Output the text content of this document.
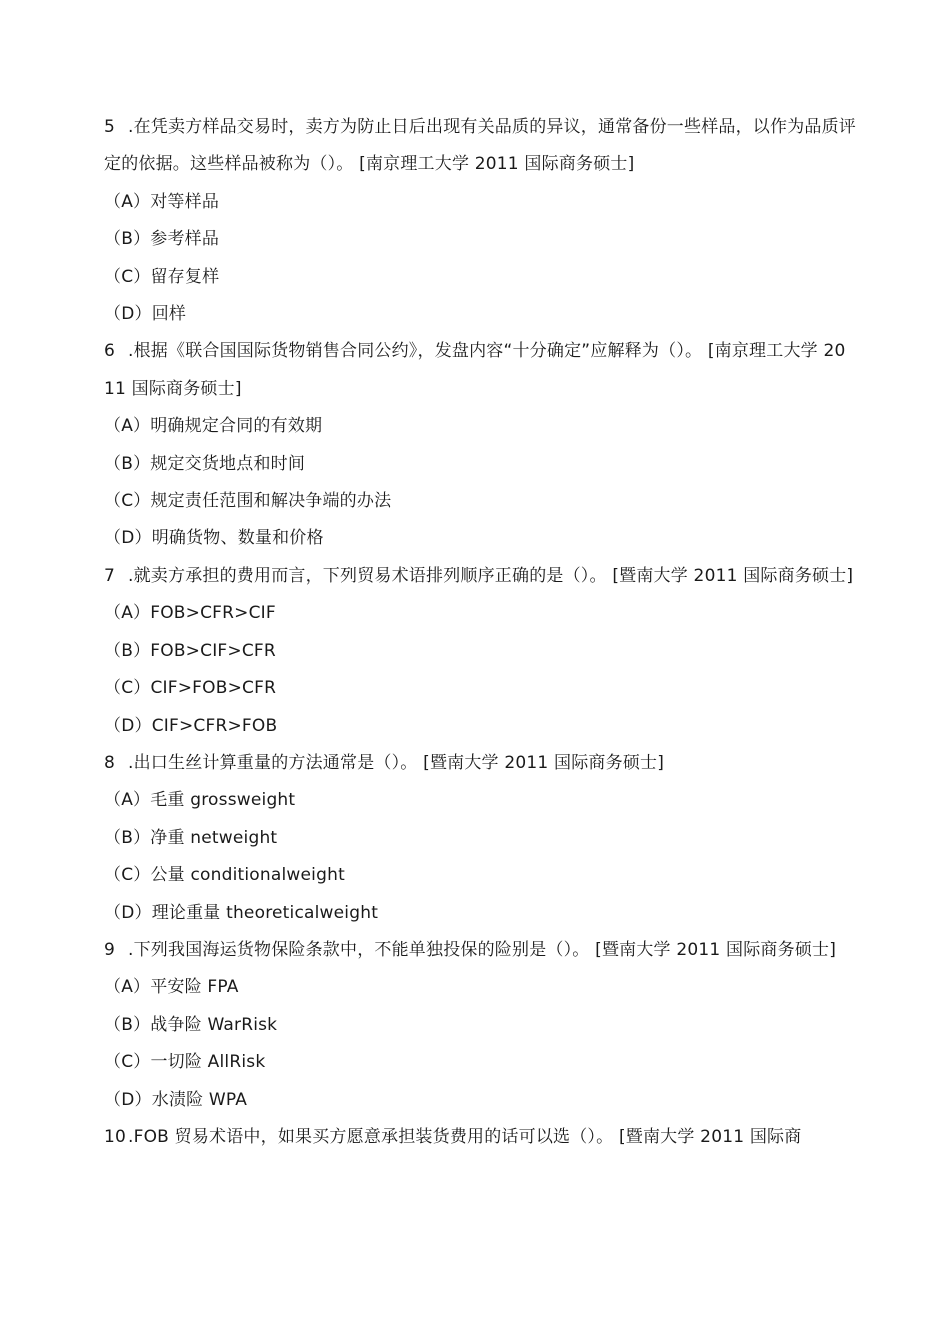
5 .在凭卖方样品交易时，卖方为防止日后出现有关品质的异议，通常备份一些样品，以作为品质评定的依据。这些样品被称为（）。 [南京理工大学 2011 国际商务硕士]

（A）对等样品
（B）参考样品
（C）留存复样
（D）回样

6 .根据《联合国国际货物销售合同公约》，发盘内容“十分确定”应解释为（）。 [南京理工大学 2011 国际商务硕士]

（A）明确规定合同的有效期
（B）规定交货地点和时间
（C）规定责任范围和解决争端的办法
（D）明确货物、数量和价格

7 .就卖方承担的费用而言，下列贸易术语排列顺序正确的是（）。 [暨南大学 2011 国际商务硕士]

（A）FOB>CFR>CIF
（B）FOB>CIF>CFR
（C）CIF>FOB>CFR
（D）CIF>CFR>FOB

8 .出口生丝计算重量的方法通常是（）。 [暨南大学 2011 国际商务硕士]

（A）毛重 grossweight
（B）净重 netweight
（C）公量 conditionalweight
（D）理论重量 theoreticalweight

9 .下列我国海运货物保险条款中，不能单独投保的险别是（）。 [暨南大学 2011 国际商务硕士]

（A）平安险 FPA
（B）战争险 WarRisk
（C）一切险 AllRisk
（D）水渍险 WPA

10 .FOB 贸易术语中，如果买方愿意承担装货费用的话可以选（）。 [暨南大学 2011 国际商
